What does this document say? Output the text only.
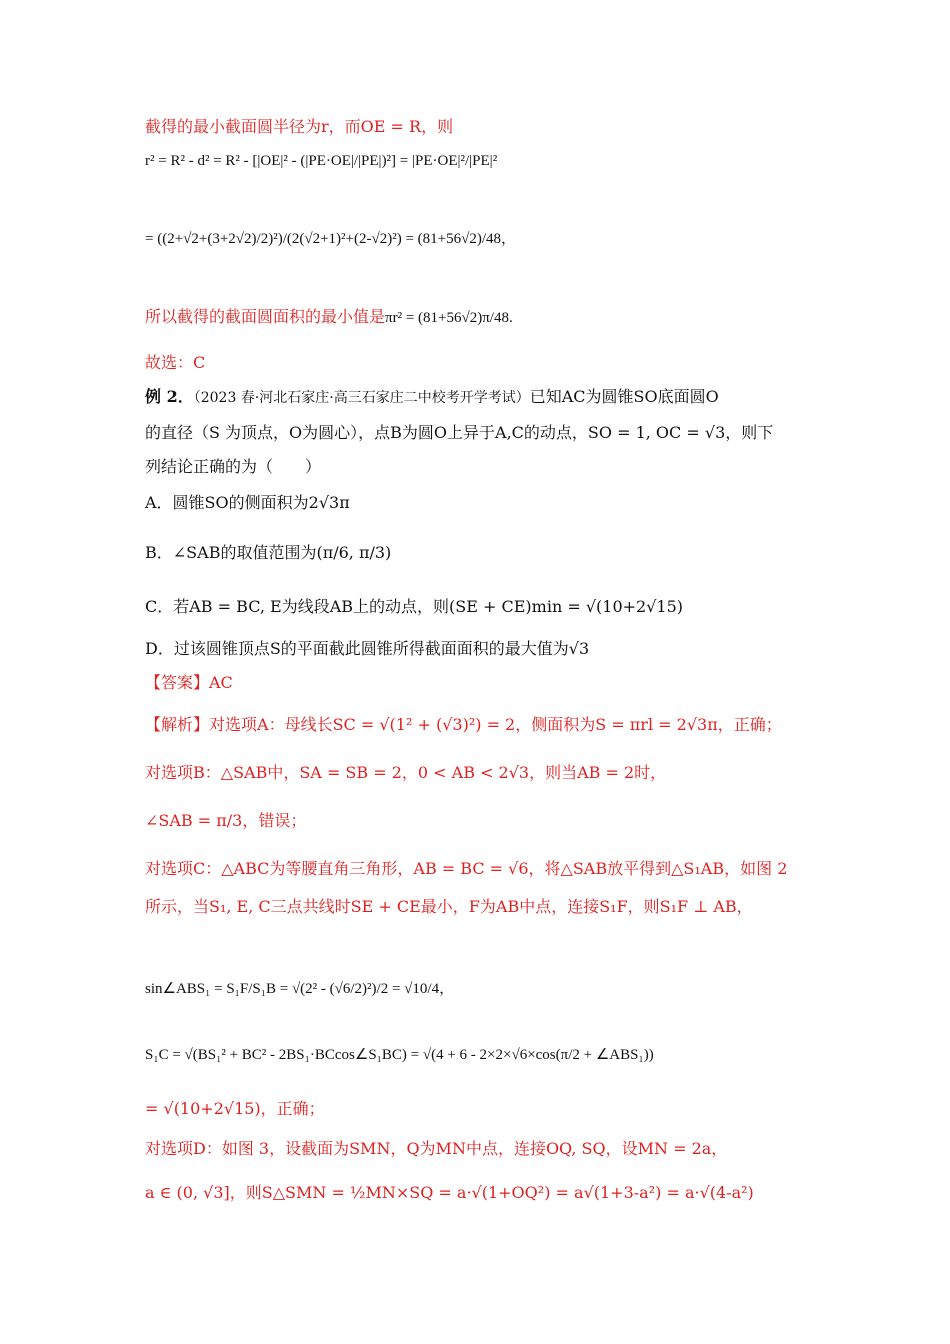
截得的最小截面圆半径为r，而OE = R，则
r² = R² - d² = R² - [|OE|² - (|PE·OE|/|PE|)²] = |PE·OE|²/|PE|²
= ((2+√2+(3+2√2)/2)²)/(2(√2+1)²+(2-√2)²) = (81+56√2)/48，
所以截得的截面圆面积的最小值是πr² = (81+56√2)π/48.
故选：C
例 2．（2023 春·河北石家庄·高三石家庄二中校考开学考试）已知AC为圆锥SO底面圆O
的直径（S 为顶点，O为圆心），点B为圆O上异于A,C的动点，SO = 1, OC = √3，则下
列结论正确的为（　　）
A．圆锥SO的侧面积为2√3π
B．∠SAB的取值范围为(π/6, π/3)
C．若AB = BC, E为线段AB上的动点，则(SE + CE)min = √(10+2√15)
D．过该圆锥顶点S的平面截此圆锥所得截面面积的最大值为√3
【答案】AC
【解析】对选项A：母线长SC = √(1² + (√3)²) = 2，侧面积为S = πrl = 2√3π，正确；
对选项B：△SAB中，SA = SB = 2，0 < AB < 2√3，则当AB = 2时，
∠SAB = π/3，错误；
对选项C：△ABC为等腰直角三角形，AB = BC = √6，将△SAB放平得到△S₁AB，如图 2
所示，当S₁, E, C三点共线时SE + CE最小，F为AB中点，连接S₁F，则S₁F ⊥ AB，
sin∠ABS₁ = S₁F/S₁B = √(2² - (√6/2)²)/2 = √10/4，
S₁C = √(BS₁² + BC² - 2BS₁·BCcos∠S₁BC) = √(4 + 6 - 2×2×√6×cos(π/2 + ∠ABS₁))
= √(10+2√15)，正确；
对选项D：如图 3，设截面为SMN，Q为MN中点，连接OQ, SQ，设MN = 2a，
a ∈ (0, √3]，则S△SMN = ½MN×SQ = a·√(1+OQ²) = a√(1+3-a²) = a·√(4-a²)
